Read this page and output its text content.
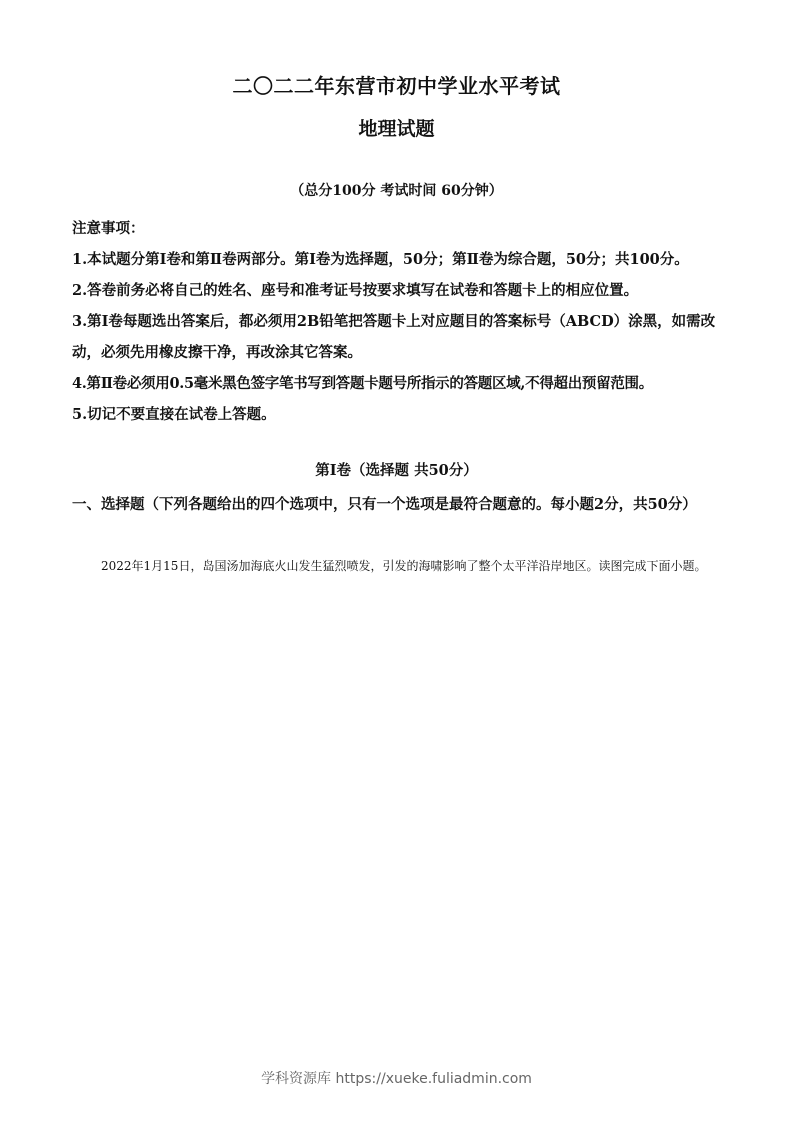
二〇二二年东营市初中学业水平考试
地理试题
（总分100分 考试时间 60分钟）

注意事项：

1.本试题分第Ⅰ卷和第Ⅱ卷两部分。第Ⅰ卷为选择题，50分；第Ⅱ卷为综合题，50分；共100分。

2.答卷前务必将自己的姓名、座号和准考证号按要求填写在试卷和答题卡上的相应位置。

3.第Ⅰ卷每题选出答案后，都必须用2B铅笔把答题卡上对应题目的答案标号（ABCD）涂黑，如需改动，必须先用橡皮擦干净，再改涂其它答案。

4.第Ⅱ卷必须用0.5毫米黑色签字笔书写到答题卡题号所指示的答题区域,不得超出预留范围。

5.切记不要直接在试卷上答题。

第Ⅰ卷（选择题 共50分）
一、选择题（下列各题给出的四个选项中，只有一个选项是最符合题意的。每小题2分，共50分）
2022年1月15日，岛国汤加海底火山发生猛烈喷发，引发的海啸影响了整个太平洋沿岸地区。读图完成下面小题。
学科资源库 https://xueke.fuliadmin.com
